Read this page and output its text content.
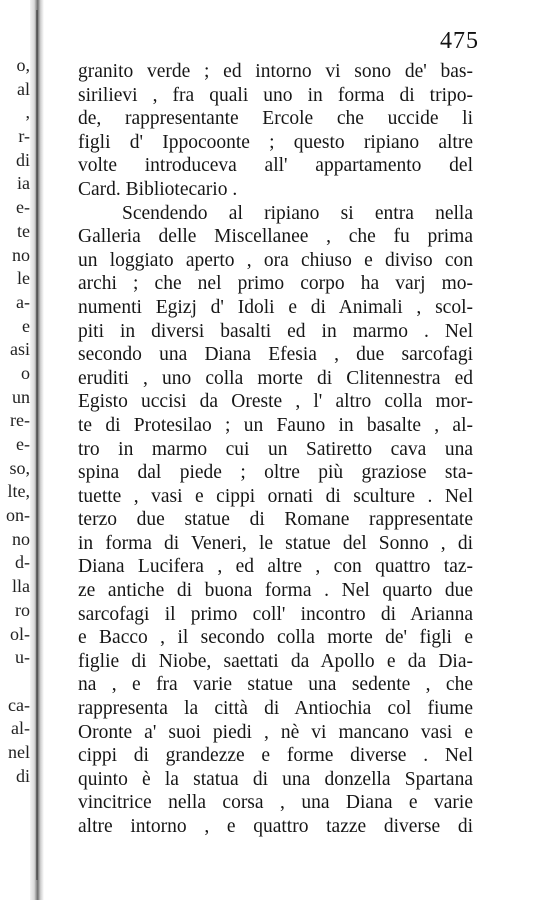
o,
al
,
r-
di
ia
e-
te
no
le
a-
e
asi
o
un
re-
e-
so,
lte,
on-
no
d-
lla
ro
ol-
u-
ca-
al-
nel
di
475
granito verde ; ed intorno vi sono de' bas-
sirilievi , fra quali uno in forma di tripo-
de, rappresentante Ercole che uccide li
figli d' Ippocoonte ; questo ripiano altre
volte introduceva all' appartamento del
Card. Bibliotecario .
Scendendo al ripiano si entra nella
Galleria delle Miscellanee , che fu prima
un loggiato aperto , ora chiuso e diviso con
archi ; che nel primo corpo ha varj mo-
numenti Egizj d' Idoli e di Animali , scol-
piti in diversi basalti ed in marmo . Nel
secondo una Diana Efesia , due sarcofagi
eruditi , uno colla morte di Clitennestra ed
Egisto uccisi da Oreste , l' altro colla mor-
te di Protesilao ; un Fauno in basalte , al-
tro in marmo cui un Satiretto cava una
spina dal piede ; oltre più graziose sta-
tuette , vasi e cippi ornati di sculture . Nel
terzo due statue di Romane rappresentate
in forma di Veneri, le statue del Sonno , di
Diana Lucifera , ed altre , con quattro taz-
ze antiche di buona forma . Nel quarto due
sarcofagi il primo coll' incontro di Arianna
e Bacco , il secondo colla morte de' figli e
figlie di Niobe, saettati da Apollo e da Dia-
na , e fra varie statue una sedente , che
rappresenta la città di Antiochia col fiume
Oronte a' suoi piedi , nè vi mancano vasi e
cippi di grandezze e forme diverse . Nel
quinto è la statua di una donzella Spartana
vincitrice nella corsa , una Diana e varie
altre intorno , e quattro tazze diverse di
